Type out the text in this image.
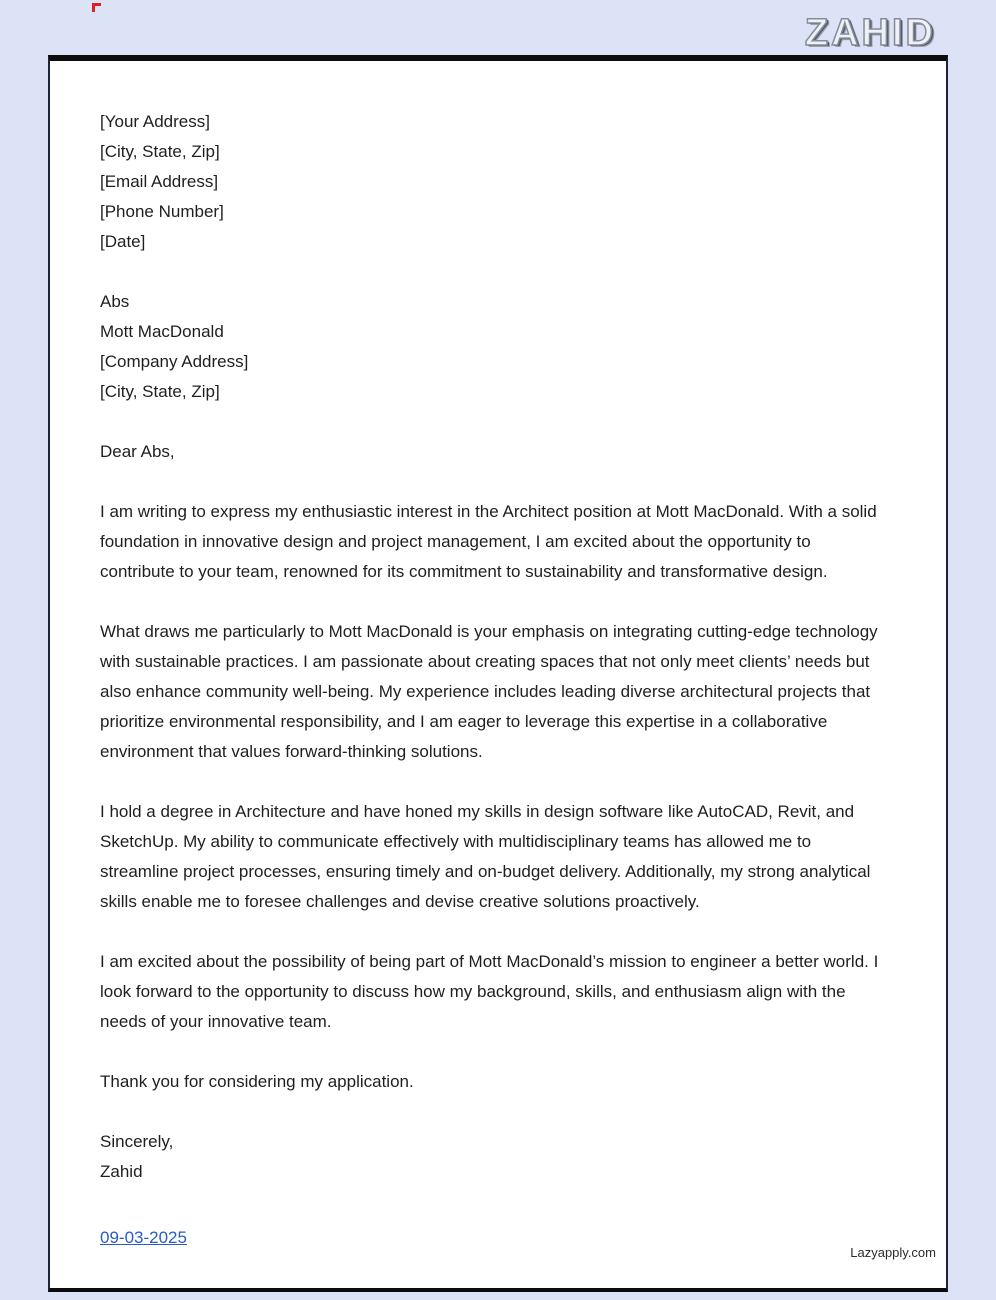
ZAHID
[Your Address]
[City, State, Zip]
[Email Address]
[Phone Number]
[Date]
Abs
Mott MacDonald
[Company Address]
[City, State, Zip]
Dear Abs,

I am writing to express my enthusiastic interest in the Architect position at Mott MacDonald. With a solid foundation in innovative design and project management, I am excited about the opportunity to contribute to your team, renowned for its commitment to sustainability and transformative design.

What draws me particularly to Mott MacDonald is your emphasis on integrating cutting-edge technology with sustainable practices. I am passionate about creating spaces that not only meet clients’ needs but also enhance community well-being. My experience includes leading diverse architectural projects that prioritize environmental responsibility, and I am eager to leverage this expertise in a collaborative environment that values forward-thinking solutions.

I hold a degree in Architecture and have honed my skills in design software like AutoCAD, Revit, and SketchUp. My ability to communicate effectively with multidisciplinary teams has allowed me to streamline project processes, ensuring timely and on-budget delivery. Additionally, my strong analytical skills enable me to foresee challenges and devise creative solutions proactively.

I am excited about the possibility of being part of Mott MacDonald’s mission to engineer a better world. I look forward to the opportunity to discuss how my background, skills, and enthusiasm align with the needs of your innovative team.

Thank you for considering my application.

Sincerely,
Zahid
09-03-2025
Lazyapply.com
